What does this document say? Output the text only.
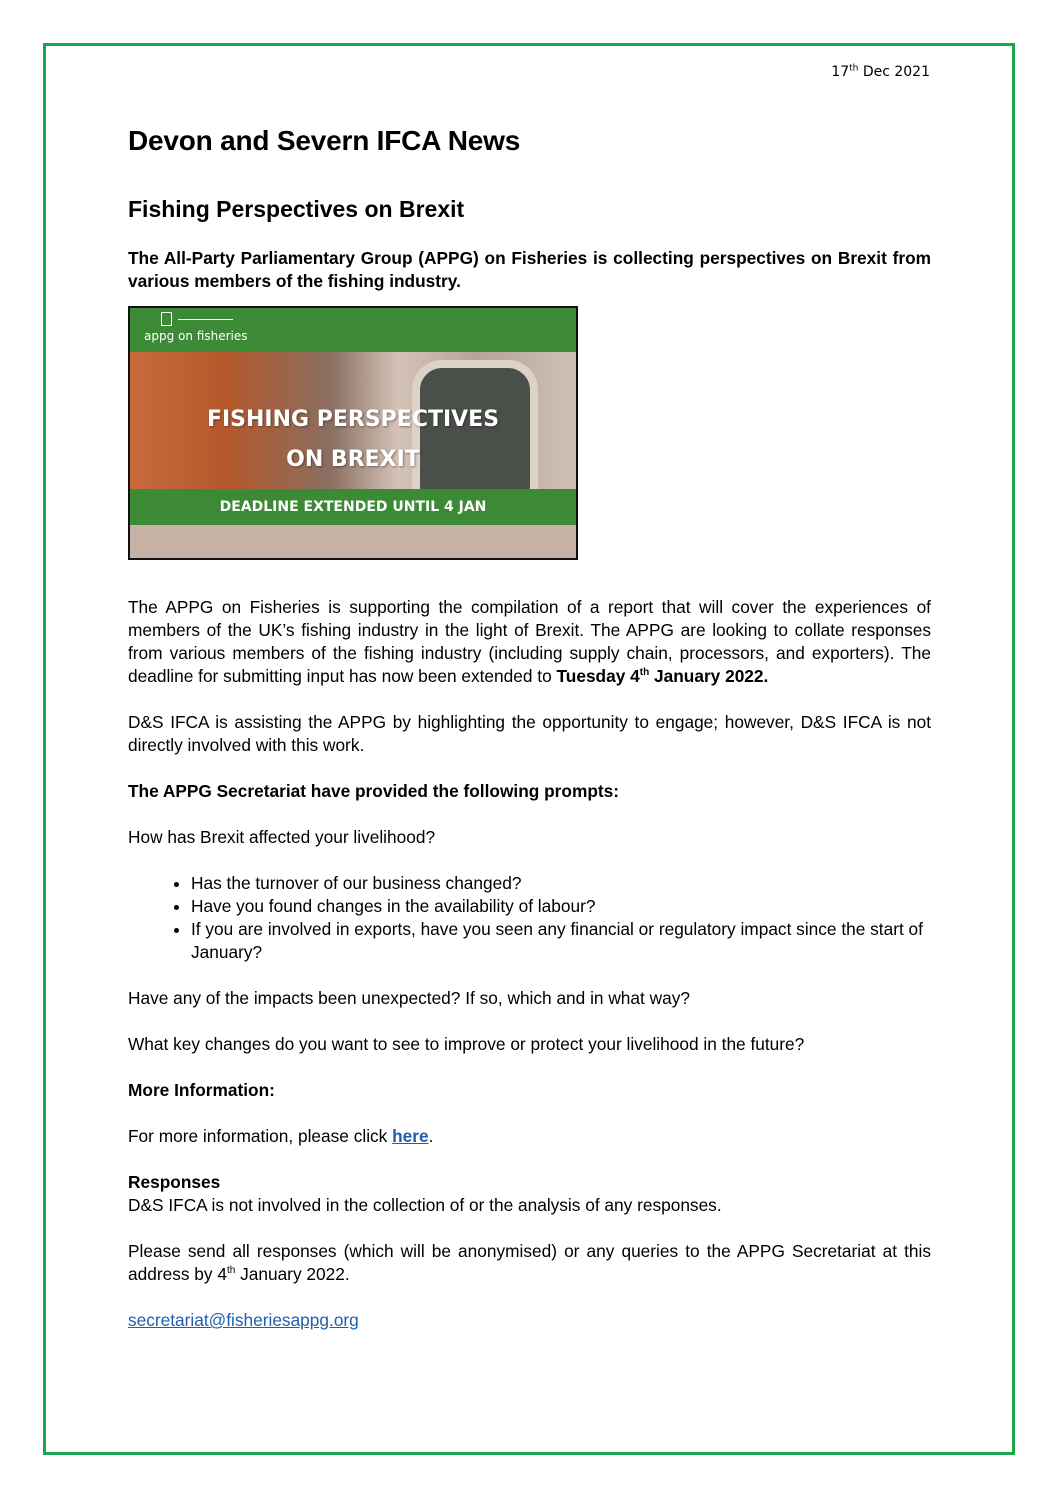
17th Dec 2021
Devon and Severn IFCA News
Fishing Perspectives on Brexit

The All-Party Parliamentary Group (APPG) on Fisheries is collecting perspectives on Brexit from various members of the fishing industry.

appg on fisheries
FISHING PERSPECTIVES
ON BREXIT
DEADLINE EXTENDED UNTIL 4 JAN

The APPG on Fisheries is supporting the compilation of a report that will cover the experiences of members of the UK’s fishing industry in the light of Brexit. The APPG are looking to collate responses from various members of the fishing industry (including supply chain, processors, and exporters). The deadline for submitting input has now been extended to Tuesday 4th January 2022.

D&S IFCA is assisting the APPG by highlighting the opportunity to engage; however, D&S IFCA is not directly involved with this work.

The APPG Secretariat have provided the following prompts:

How has Brexit affected your livelihood?

• Has the turnover of our business changed?
• Have you found changes in the availability of labour?
• If you are involved in exports, have you seen any financial or regulatory impact since the start of January?

Have any of the impacts been unexpected? If so, which and in what way?

What key changes do you want to see to improve or protect your livelihood in the future?

More Information:

For more information, please click here.

Responses

D&S IFCA is not involved in the collection of or the analysis of any responses.

Please send all responses (which will be anonymised) or any queries to the APPG Secretariat at this address by 4th January 2022.

secretariat@fisheriesappg.org
